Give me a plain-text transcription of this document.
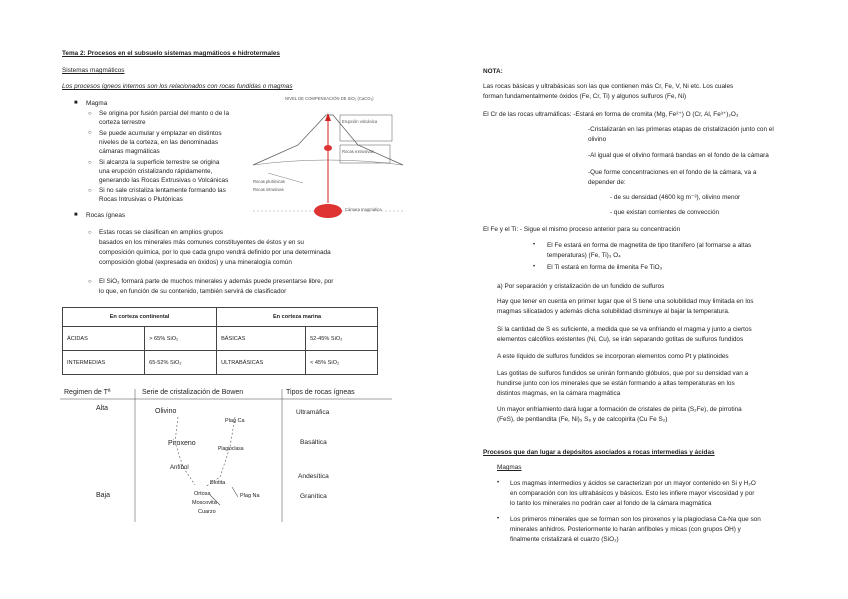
Tema 2: Procesos en el subsuelo sistemas magmáticos e hidrotermales
Sistemas magmáticos
Los procesos ígneos internos son los relacionados con rocas fundidas o magmas
■ Magma
○ Se origina por fusión parcial del manto o de la
corteza terrestre
○ Se puede acumular y emplazar en distintos
niveles de la corteza, en las denominadas
cámaras magmáticas
○ Si alcanza la superficie terrestre se origina
una erupción cristalizando rápidamente,
generando las Rocas Extrusivas o Volcánicas
○ Si no sale cristaliza lentamente formando las
Rocas Intrusivas o Plutónicas
NIVEL DE COMPENSACIÓN DE SiO₂ (CaCO₃)
Erupción volcánica
Rocas extrusivas
Rocas plutónicas
Rocas intrusivas
Cámara magmática
■ Rocas ígneas
○ Estas rocas se clasifican en amplios grupos
basados en los minerales más comunes constituyentes de éstos y en su
composición química, por lo que cada grupo vendrá definido por una determinada
composición global (expresada en óxidos) y una mineralogía común
○ El SiO₂ formará parte de muchos minerales y además puede presentarse libre, por
lo que, en función de su contenido, también servirá de clasificador
En corteza continental		En corteza marina	
ÁCIDAS	> 65% SiO₂	BÁSICAS	52-45% SiO₂
INTERMEDIAS	65-52% SiO₂	ULTRABÁSICAS	< 45% SiO₂
Regimen de Tª	Serie de cristalización de Bowen	Tipos de rocas ígneas
Alta
Baja
Olivino
Piroxeno
Anfíbol
Biotita
Ortosa
Moscovita
Cuarzo
Plag Ca
Plagioclasa
Plag Na
Ultramáfica
Basáltica
Andesítica
Granítica
NOTA:
Las rocas básicas y ultrabásicas son las que contienen más Cr, Fe, V, Ni etc. Los cuales
forman fundamentalmente óxidos (Fe, Cr, Ti) y algunos sulfuros (Fe, Ni)
El Cr de las rocas ultramáficas: -Estará en forma de cromita (Mg, Fe²⁺) O (Cr, Al, Fe³⁺)₂O₃
-Cristalizarán en las primeras etapas de cristalización junto con el
olivino
-Al igual que el olivino formará bandas en el fondo de la cámara
-Que forme concentraciones en el fondo de la cámara, va a
depender de:
- de su densidad (4600 kg m⁻³), olivino menor
- que existan corrientes de convección
El Fe y el Ti: - Sigue el mismo proceso anterior para su concentración
• El Fe estará en forma de magnetita de tipo titanífero (al formarse a altas
temperaturas) (Fe, Ti)₃ O₄
• El Ti estará en forma de ilmenita Fe TiO₃
a) Por separación y cristalización de un fundido de sulfuros
Hay que tener en cuenta en primer lugar que el S tiene una solubilidad muy limitada en los
magmas silicatados y además dicha solubilidad disminuye al bajar la temperatura.
Si la cantidad de S es suficiente, a medida que se va enfriando el magma y junto a ciertos
elementos calcófilos existentes (Ni, Cu), se irán separando gotitas de sulfuros fundidos
A este líquido de sulfuros fundidos se incorporan elementos como Pt y platinoides
Las gotitas de sulfuros fundidos se unirán formando glóbulos, que por su densidad van a
hundirse junto con los minerales que se están formando a altas temperaturas en los
distintos magmas, en la cámara magmática
Un mayor enfriamiento dará lugar a formación de cristales de pirita (S₂Fe), de pirrotina
(FeS), de pentlandita (Fe, Ni)₉ S₈ y de calcopirita (Cu Fe S₂)
Procesos que dan lugar a depósitos asociados a rocas intermedias y ácidas
Magmas
• Los magmas intermedios y ácidos se caracterizan por un mayor contenido en Si y H₂O
en comparación con los ultrabásicos y básicos. Esto les infiere mayor viscosidad y por
lo tanto los minerales no podrán caer al fondo de la cámara magmática
• Los primeros minerales que se forman son los piroxenos y la plagioclasa Ca-Na que son
minerales anhidros. Posteriormente lo harán anfíboles y micas (con grupos OH) y
finalmente cristalizará el cuarzo (SiO₂)
